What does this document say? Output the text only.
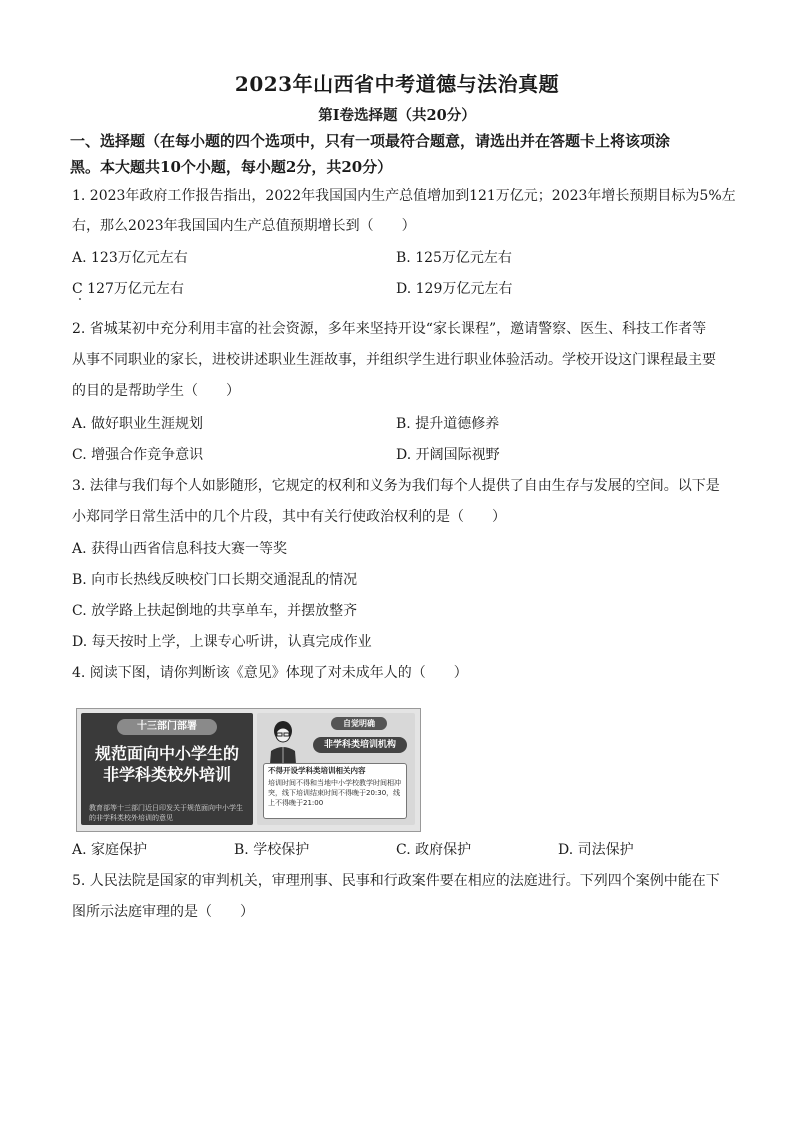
2023年山西省中考道德与法治真题
第Ⅰ卷选择题（共20分）
一、选择题（在每小题的四个选项中，只有一项最符合题意，请选出并在答题卡上将该项涂
黑。本大题共10个小题，每小题2分，共20分）
1. 2023年政府工作报告指出，2022年我国国内生产总值增加到121万亿元；2023年增长预期目标为5%左
右，那么2023年我国国内生产总值预期增长到（　　）
A. 123万亿元左右	B. 125万亿元左右
C 127万亿元左右	D. 129万亿元左右
2. 省城某初中充分利用丰富的社会资源，多年来坚持开设“家长课程”，邀请警察、医生、科技工作者等
从事不同职业的家长，进校讲述职业生涯故事，并组织学生进行职业体验活动。学校开设这门课程最主要
的目的是帮助学生（　　）
A. 做好职业生涯规划	B. 提升道德修养
C. 增强合作竞争意识	D. 开阔国际视野
3. 法律与我们每个人如影随形，它规定的权利和义务为我们每个人提供了自由生存与发展的空间。以下是
小郑同学日常生活中的几个片段，其中有关行使政治权利的是（　　）
A. 获得山西省信息科技大赛一等奖
B. 向市长热线反映校门口长期交通混乱的情况
C. 放学路上扶起倒地的共享单车，并摆放整齐
D. 每天按时上学，上课专心听讲，认真完成作业
4. 阅读下图，请你判断该《意见》体现了对未成年人的（　　）
十三部门部署
规范面向中小学生的
非学科类校外培训
教育部等十三部门近日印发关于规范面向中小学生的非学科类校外培训的意见
自觉明确
非学科类培训机构
不得开设学科类培训相关内容
培训时间不得和当地中小学校教学时间相冲突，线下培训结束时间不得晚于20:30，线上不得晚于21:00
A. 家庭保护	B. 学校保护	C. 政府保护	D. 司法保护
5. 人民法院是国家的审判机关，审理刑事、民事和行政案件要在相应的法庭进行。下列四个案例中能在下
图所示法庭审理的是（　　）
